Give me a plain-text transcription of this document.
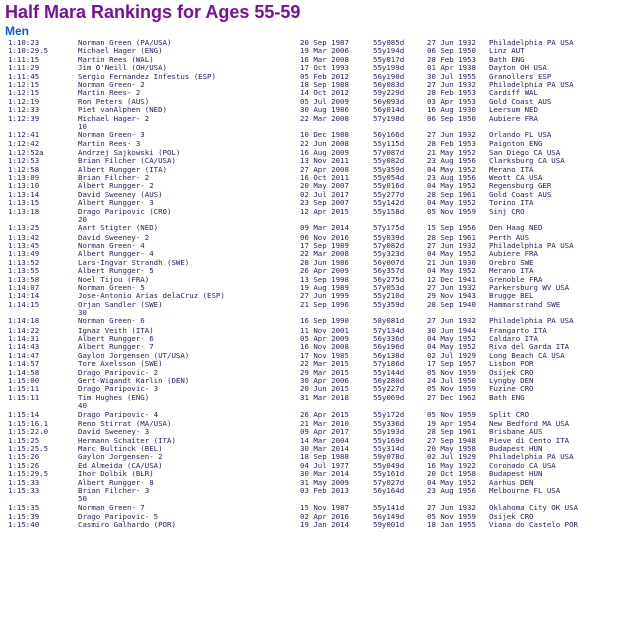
Half Mara Rankings for Ages 55-59
Men
1:10:23	Norman Green (PA/USA)	20 Sep 1987	55y085d	27 Jun 1932 Philadelphia PA USA
1:10:29.5	Michael Hager (ENG)	19 Mar 2006	55y194d	06 Sep 1950 Linz AUT
1:11:15	Martin Rees (WAL)	16 Mar 2008	55y017d	28 Feb 1953 Bath ENG
1:11:29	Jim O'Neill (OH/USA)	17 Oct 1993	55y199d	01 Apr 1938 Dayton OH USA
1:11:45	Sergio Fernandez Infestus (ESP)	05 Feb 2012	56y190d	30 Jul 1955 Granollers ESP
1:12:15	Norman Green- 2	18 Sep 1988	56y083d	27 Jun 1932 Philadelphia PA USA
1:12:15	Martin Rees- 2	14 Oct 2012	59y229d	28 Feb 1953 Cardiff WAL
1:12:19	Ron Peters (AUS)	05 Jul 2009	56y093d	03 Apr 1953 Gold Coast AUS
1:12:33	Piet vanAlphen (NED)	30 Aug 1986	56y014d	16 Aug 1930 Leersum NED
1:12:39	Michael Hager- 2	22 Mar 2008	57y198d	06 Sep 1950 Aubiere FRA
10
1:12:41	Norman Green- 3	10 Dec 1988	56y166d	27 Jun 1932 Orlando FL USA
1:12:42	Martin Rees- 3	22 Jun 2008	55y115d	28 Feb 1953 Paignton ENG
1:12:52a	Andrzej Sajkowski (POL)	16 Aug 2009	57y087d	21 May 1952 San Diego CA USA
1:12:53	Brian Filcher (CA/USA)	13 Nov 2011	55y082d	23 Aug 1956 Clarksburg CA USA
1:12:58	Albert Rungger (ITA)	27 Apr 2008	55y359d	04 May 1952 Merano ITA
1:13:09	Brian Filcher- 2	16 Oct 2011	55y054d	23 Aug 1956 Weott CA USA
1:13:10	Albert Rungger- 2	20 May 2007	55y016d	04 May 1952 Regensburg GER
1:13:14	David Sweeney (AUS)	02 Jul 2017	55y277d	28 Sep 1961 Gold Coast AUS
1:13:15	Albert Rungger- 3	23 Sep 2007	55y142d	04 May 1952 Torino ITA
1:13:18	Drago Paripovic (CRO)	12 Apr 2015	55y158d	05 Nov 1959 Sinj CRO
20
1:13:25	Aart Stigter (NED)	09 Mar 2014	57y175d	15 Sep 1956 Den Haag NED
1:13:42	David Sweeney- 2	06 Nov 2016	55y039d	28 Sep 1961 Perth AUS
1:13:45	Norman Green- 4	17 Sep 1989	57y082d	27 Jun 1932 Philadelphia PA USA
1:13:49	Albert Rungger- 4	22 Mar 2008	55y323d	04 May 1952 Aubiere FRA
1:13:52	Lars-Ingvar Strandh (SWE)	28 Jun 1986	56y007d	21 Jun 1930 Orebro SWE
1:13:55	Albert Rungger- 5	26 Apr 2009	56y357d	04 May 1952 Merano ITA
1:13:58	Noel Tijou (FRA)	13 Sep 1998	56y275d	12 Dec 1941 Grenoble FRA
1:14:07	Norman Green- 5	19 Aug 1989	57y053d	27 Jun 1932 Parkersburg WV USA
1:14:14	Jose-Antonio Arias delaCruz (ESP)	27 Jun 1999	55y210d	29 Nov 1943 Brugge BEL
1:14:15	Orjan Sandler (SWE)	21 Sep 1996	55y359d	28 Sep 1940 Hammarstrand SWE
30
1:14:18	Norman Green- 6	16 Sep 1990	58y081d	27 Jun 1932 Philadelphia PA USA
1:14:22	Ignaz Veith (ITA)	11 Nov 2001	57y134d	30 Jun 1944 Frangarto ITA
1:14:31	Albert Rungger- 6	05 Apr 2009	56y336d	04 May 1952 Caldaro ITA
1:14:43	Albert Rungger- 7	16 Nov 2008	56y196d	04 May 1952 Riva del Garda ITA
1:14:47	Gaylon Jorgensen (UT/USA)	17 Nov 1985	56y138d	02 Jul 1929 Long Beach CA USA
1:14:57	Tore Axelsson (SWE)	22 Mar 2015	57y186d	17 Sep 1957 Lisbon POR
1:14:58	Drago Paripovic- 2	29 Mar 2015	55y144d	05 Nov 1959 Osijek CRO
1:15:00	Gert-Wigandt Karlin (DEN)	30 Apr 2006	56y280d	24 Jul 1950 Lyngby DEN
1:15:11	Drago Paripovic- 3	20 Jun 2015	55y227d	05 Nov 1959 Fuzine CRO
1:15:11	Tim Hughes (ENG)	31 Mar 2018	55y069d	27 Dec 1962 Bath ENG
40
1:15:14	Drago Paripovic- 4	26 Apr 2015	55y172d	05 Nov 1959 Split CRO
1:15:16.1	Reno Stirrat (MA/USA)	21 Mar 2010	55y336d	19 Apr 1954 New Bedford MA USA
1:15:22.0	David Sweeney- 3	09 Apr 2017	55y193d	28 Sep 1961 Brisbane AUS
1:15:25	Hermann Schaiter (ITA)	14 Mar 2004	55y169d	27 Sep 1948 Pieve di Cento ITA
1:15:25.5	Marc Bultinck (BEL)	30 Mar 2014	55y314d	20 May 1958 Budapest HUN
1:15:26	Gaylon Jorgensen- 2	18 Sep 1988	59y078d	02 Jul 1929 Philadelphia PA USA
1:15:26	Ed Almeida (CA/USA)	04 Jul 1977	55y049d	16 May 1922 Coronado CA USA
1:15:29.5	Ihor Dolbik (BLR)	30 Mar 2014	55y161d	20 Oct 1958 Budapest HUN
1:15:33	Albert Rungger- 8	31 May 2009	57y027d	04 May 1952 Aarhus DEN
1:15:33	Brian Filcher- 3	03 Feb 2013	56y164d	23 Aug 1956 Melbourne FL USA
50
1:15:35	Norman Green- 7	15 Nov 1987	55y141d	27 Jun 1932 Oklahoma City OK USA
1:15:39	Drago Paripovic- 5	02 Apr 2016	56y149d	05 Nov 1959 Osijek CRO
1:15:40	Casmiro Galhardo (POR)	19 Jan 2014	59y001d	18 Jan 1955 Viana do Castelo POR
